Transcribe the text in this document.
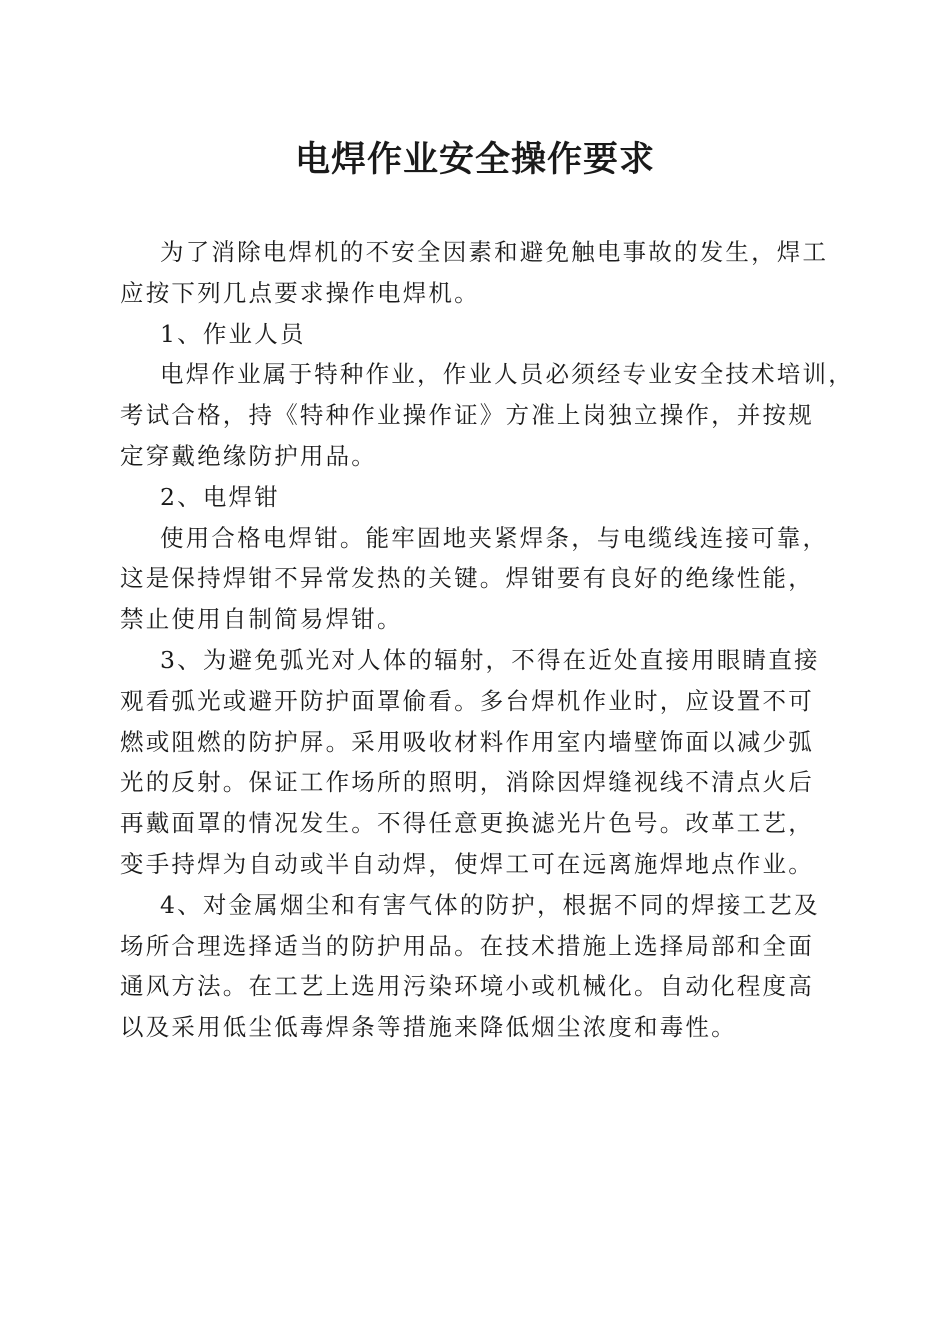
电焊作业安全操作要求
为了消除电焊机的不安全因素和避免触电事故的发生，焊工
应按下列几点要求操作电焊机。
1、作业人员
电焊作业属于特种作业，作业人员必须经专业安全技术培训，
考试合格，持《特种作业操作证》方准上岗独立操作，并按规
定穿戴绝缘防护用品。
2、电焊钳
使用合格电焊钳。能牢固地夹紧焊条，与电缆线连接可靠，
这是保持焊钳不异常发热的关键。焊钳要有良好的绝缘性能，
禁止使用自制简易焊钳。
3、为避免弧光对人体的辐射，不得在近处直接用眼睛直接
观看弧光或避开防护面罩偷看。多台焊机作业时，应设置不可
燃或阻燃的防护屏。采用吸收材料作用室内墙壁饰面以减少弧
光的反射。保证工作场所的照明，消除因焊缝视线不清点火后
再戴面罩的情况发生。不得任意更换滤光片色号。改革工艺，
变手持焊为自动或半自动焊，使焊工可在远离施焊地点作业。
4、对金属烟尘和有害气体的防护，根据不同的焊接工艺及
场所合理选择适当的防护用品。在技术措施上选择局部和全面
通风方法。在工艺上选用污染环境小或机械化。自动化程度高
以及采用低尘低毒焊条等措施来降低烟尘浓度和毒性。
